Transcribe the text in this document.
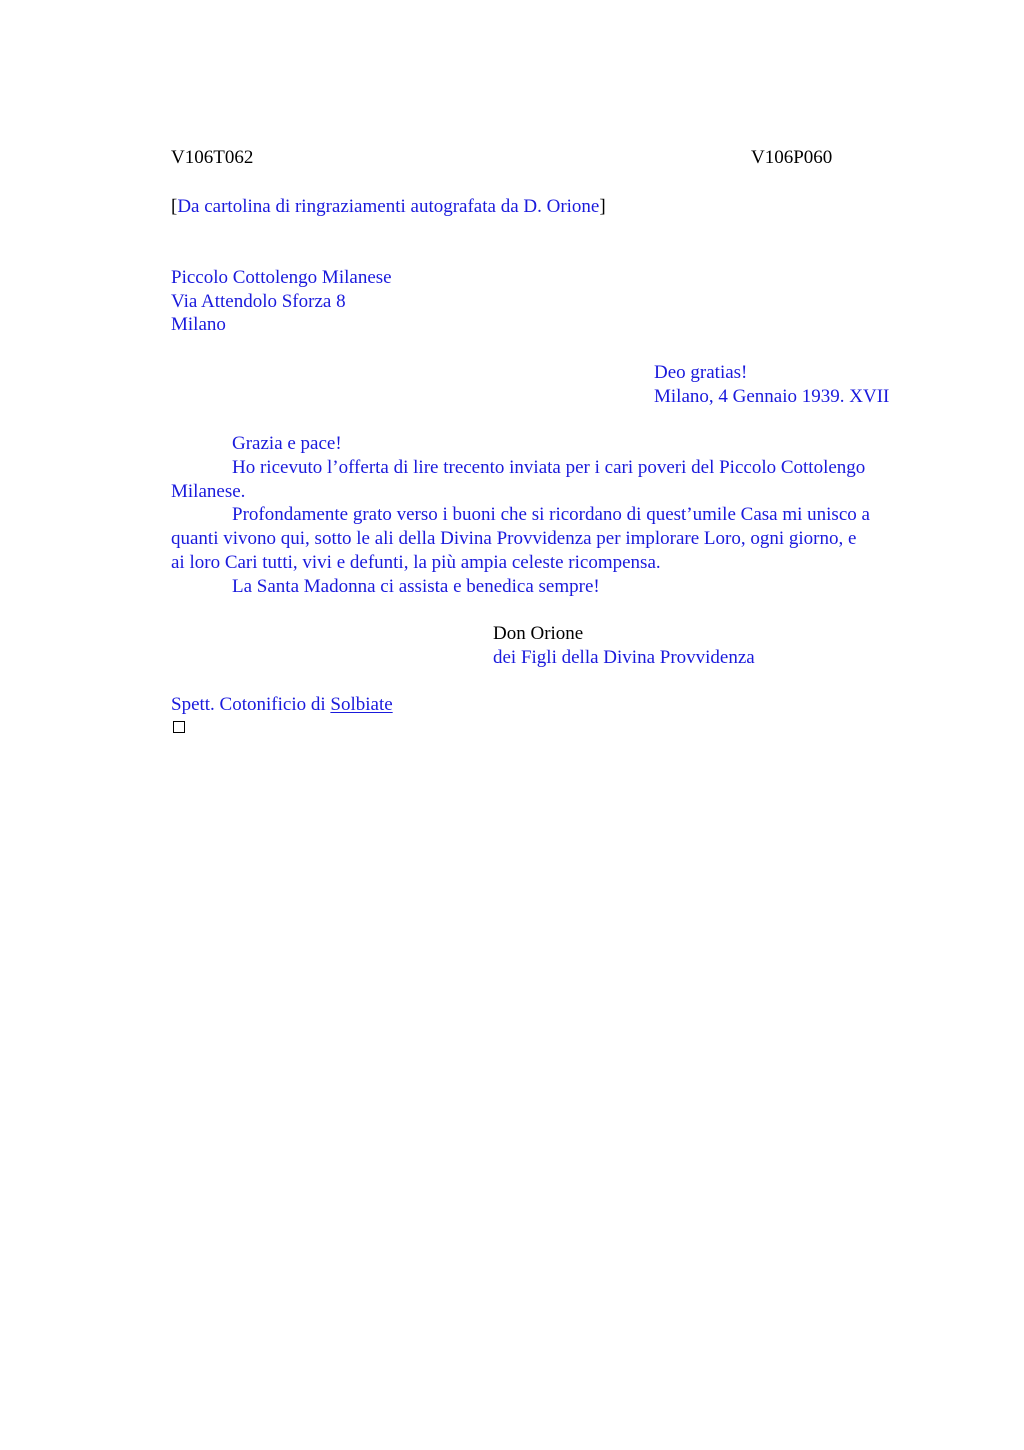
V106T062	V106P060
[Da cartolina di ringraziamenti autografata da D. Orione]
Piccolo Cottolengo Milanese
Via Attendolo Sforza 8
Milano
Deo gratias!
Milano, 4 Gennaio 1939. XVII
Grazia e pace!
Ho ricevuto l’offerta di lire trecento inviata per i cari poveri del Piccolo Cottolengo
Milanese.
Profondamente grato verso i buoni che si ricordano di quest’umile Casa mi unisco a
quanti vivono qui, sotto le ali della Divina Provvidenza per implorare Loro, ogni giorno, e
ai loro Cari tutti, vivi e defunti, la più ampia celeste ricompensa.
La Santa Madonna ci assista e benedica sempre!
Don Orione
dei Figli della Divina Provvidenza
Spett. Cotonificio di Solbiate
